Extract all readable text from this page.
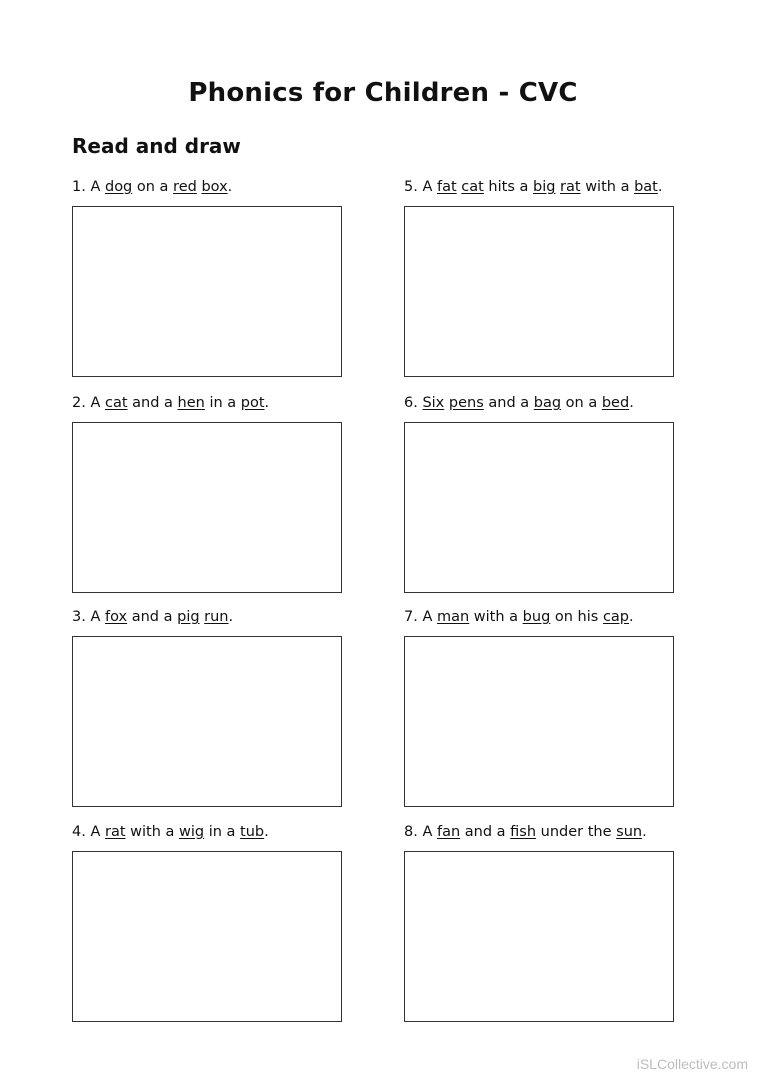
Phonics for Children - CVC
Read and draw
1. A dog on a red box.
2. A cat and a hen in a pot.
3. A fox and a pig run.
4. A rat with a wig in a tub.
5. A fat cat hits a big rat with a bat.
6. Six pens and a bag on a bed.
7. A man with a bug on his cap.
8. A fan and a fish under the sun.
iSLCollective.com
